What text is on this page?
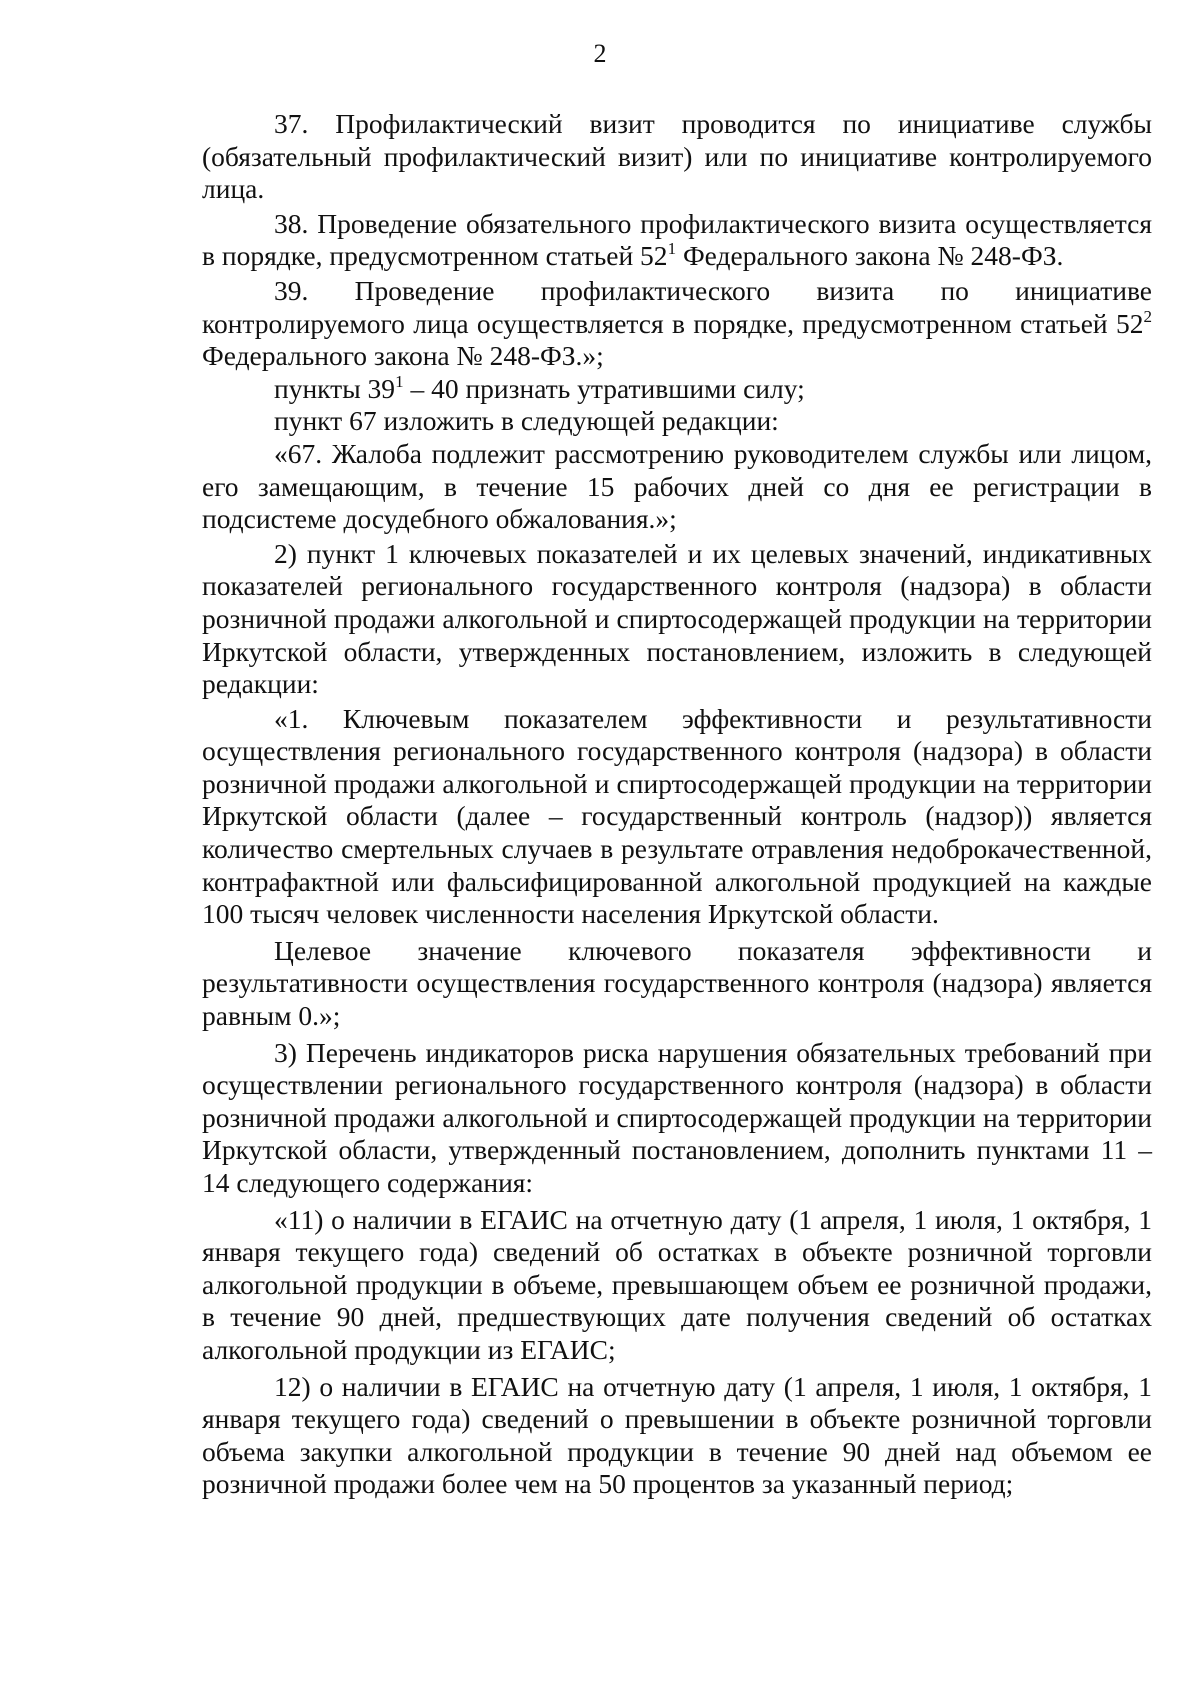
2

37. Профилактический визит проводится по инициативе службы (обязательный профилактический визит) или по инициативе контролируемого лица.

38. Проведение обязательного профилактического визита осуществляется в порядке, предусмотренном статьей $52^1$ Федерального закона № 248-ФЗ.

39. Проведение профилактического визита по инициативе контролируемого лица осуществляется в порядке, предусмотренном статьей $52^2$ Федерального закона № 248-ФЗ.»;

пункты $39^1 - 40$ признать утратившими силу;

пункт 67 изложить в следующей редакции:

«67. Жалоба подлежит рассмотрению руководителем службы или лицом, его замещающим, в течение 15 рабочих дней со дня ее регистрации в подсистеме досудебного обжалования.»;

2) пункт 1 ключевых показателей и их целевых значений, индикативных показателей регионального государственного контроля (надзора) в области розничной продажи алкогольной и спиртосодержащей продукции на территории Иркутской области, утвержденных постановлением, изложить в следующей редакции:

«1. Ключевым показателем эффективности и результативности осуществления регионального государственного контроля (надзора) в области розничной продажи алкогольной и спиртосодержащей продукции на территории Иркутской области (далее – государственный контроль (надзор)) является количество смертельных случаев в результате отравления недоброкачественной, контрафактной или фальсифицированной алкогольной продукцией на каждые 100 тысяч человек численности населения Иркутской области.

Целевое значение ключевого показателя эффективности и результативности осуществления государственного контроля (надзора) является равным 0.»;

3) Перечень индикаторов риска нарушения обязательных требований при осуществлении регионального государственного контроля (надзора) в области розничной продажи алкогольной и спиртосодержащей продукции на территории Иркутской области, утвержденный постановлением, дополнить пунктами 11 – 14 следующего содержания:

«11) о наличии в ЕГАИС на отчетную дату (1 апреля, 1 июля, 1 октября, 1 января текущего года) сведений об остатках в объекте розничной торговли алкогольной продукции в объеме, превышающем объем ее розничной продажи, в течение 90 дней, предшествующих дате получения сведений об остатках алкогольной продукции из ЕГАИС;

12) о наличии в ЕГАИС на отчетную дату (1 апреля, 1 июля, 1 октября, 1 января текущего года) сведений о превышении в объекте розничной торговли объема закупки алкогольной продукции в течение 90 дней над объемом ее розничной продажи более чем на 50 процентов за указанный период;
